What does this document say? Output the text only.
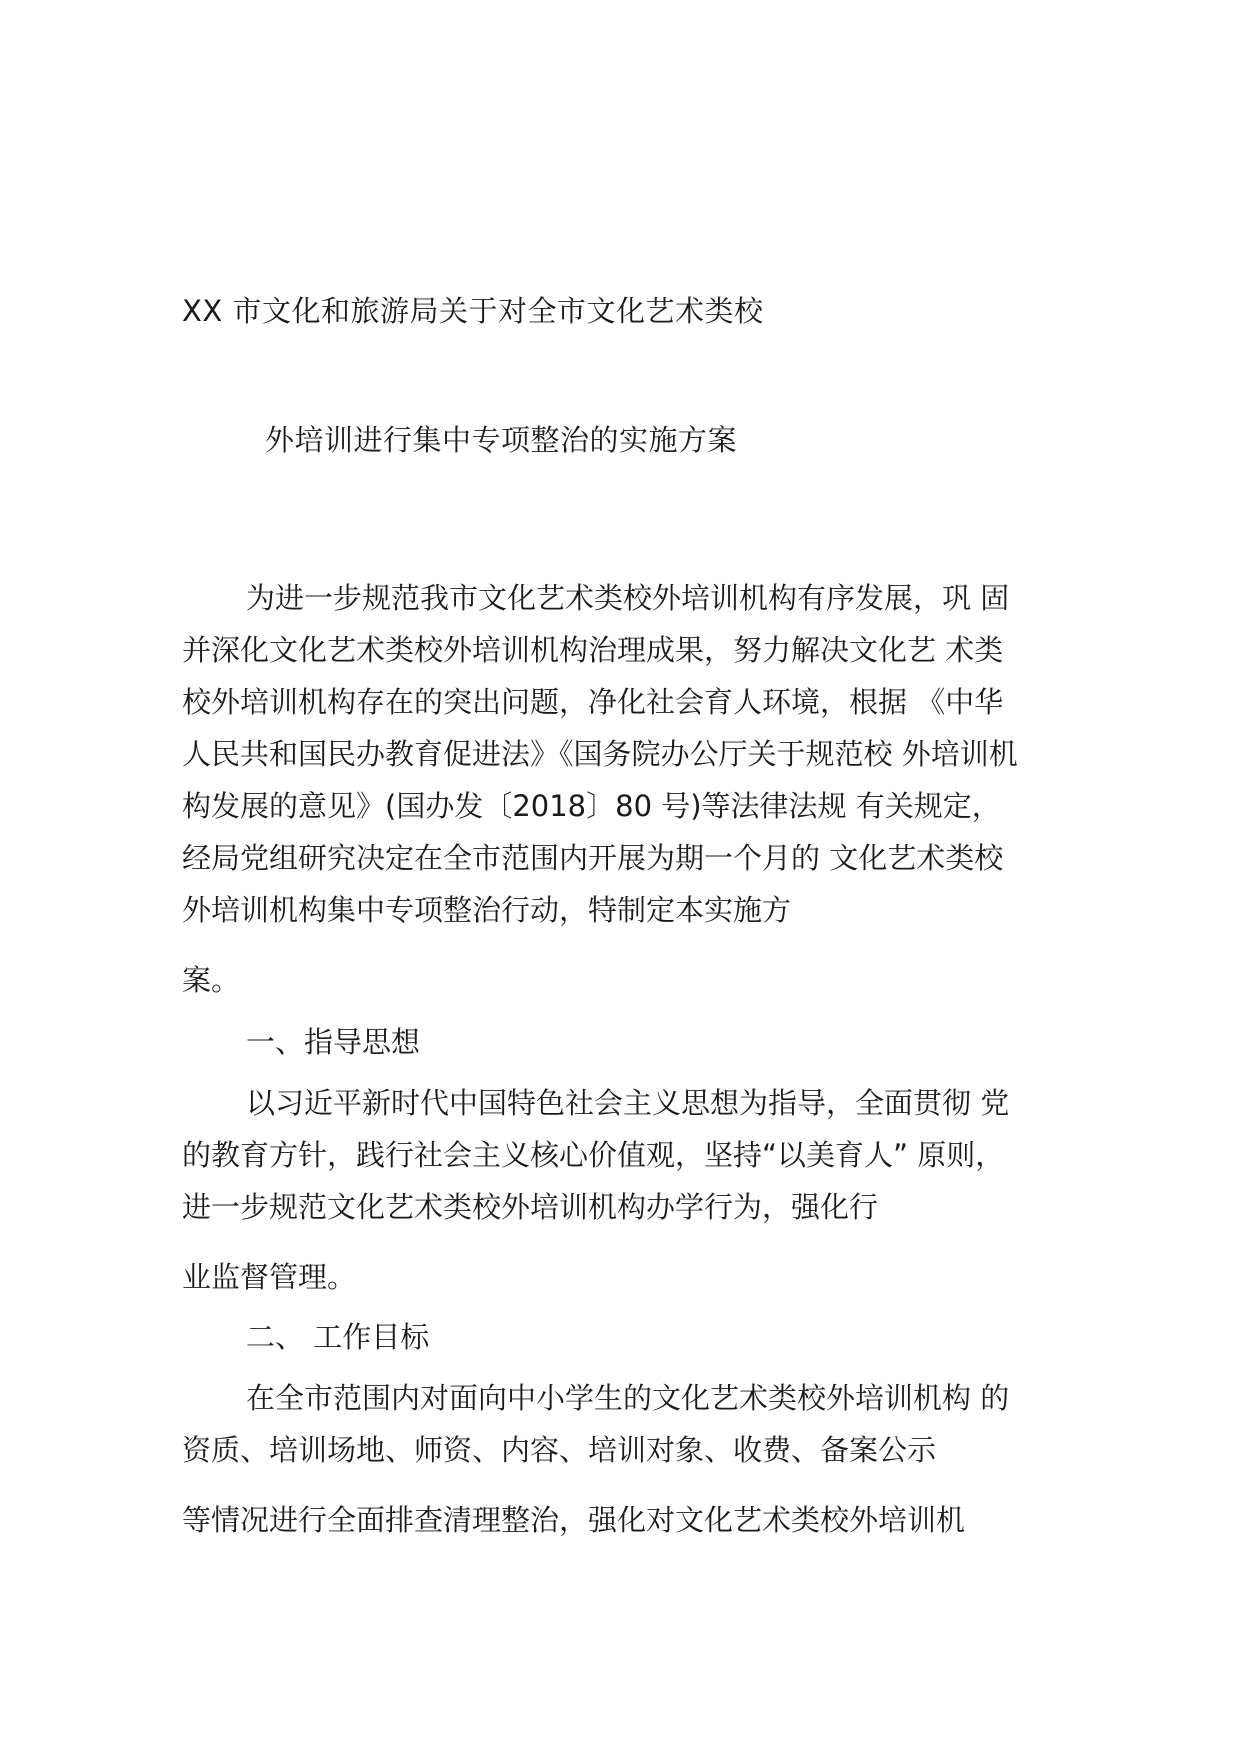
XX 市文化和旅游局关于对全市文化艺术类校
外培训进行集中专项整治的实施方案
为进一步规范我市文化艺术类校外培训机构有序发展，巩 固
并深化文化艺术类校外培训机构治理成果，努力解决文化艺 术类
校外培训机构存在的突出问题，净化社会育人环境，根据 《中华
人民共和国民办教育促进法》《国务院办公厅关于规范校 外培训机
构发展的意见》(国办发〔2018〕80 号)等法律法规 有关规定，
经局党组研究决定在全市范围内开展为期一个月的 文化艺术类校
外培训机构集中专项整治行动，特制定本实施方
案。
一、指导思想
以习近平新时代中国特色社会主义思想为指导，全面贯彻 党
的教育方针，践行社会主义核心价值观，坚持“以美育人” 原则，
进一步规范文化艺术类校外培训机构办学行为，强化行
业监督管理。
二、 工作目标
在全市范围内对面向中小学生的文化艺术类校外培训机构 的
资质、培训场地、师资、内容、培训对象、收费、备案公示
等情况进行全面排查清理整治，强化对文化艺术类校外培训机
